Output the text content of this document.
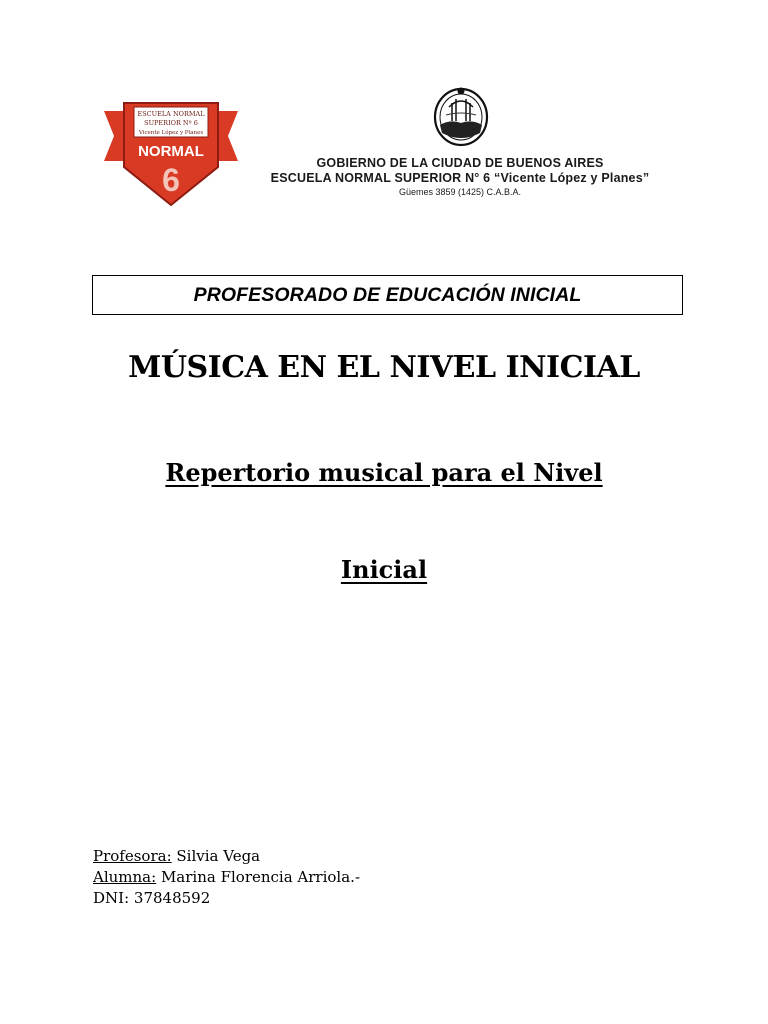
ESCUELA NORMAL
SUPERIOR Nº 6
Vicente López y Planes
NORMAL
6	GOBIERNO DE LA CIUDAD DE BUENOS AIRES
ESCUELA NORMAL SUPERIOR N° 6 “Vicente López y Planes”
Güemes 3859 (1425) C.A.B.A.
PROFESORADO DE EDUCACIÓN INICIAL
MÚSICA EN EL NIVEL INICIAL
Repertorio musical para el Nivel
Inicial
Profesora: Silvia Vega
Alumna: Marina Florencia Arriola.-
DNI: 37848592
